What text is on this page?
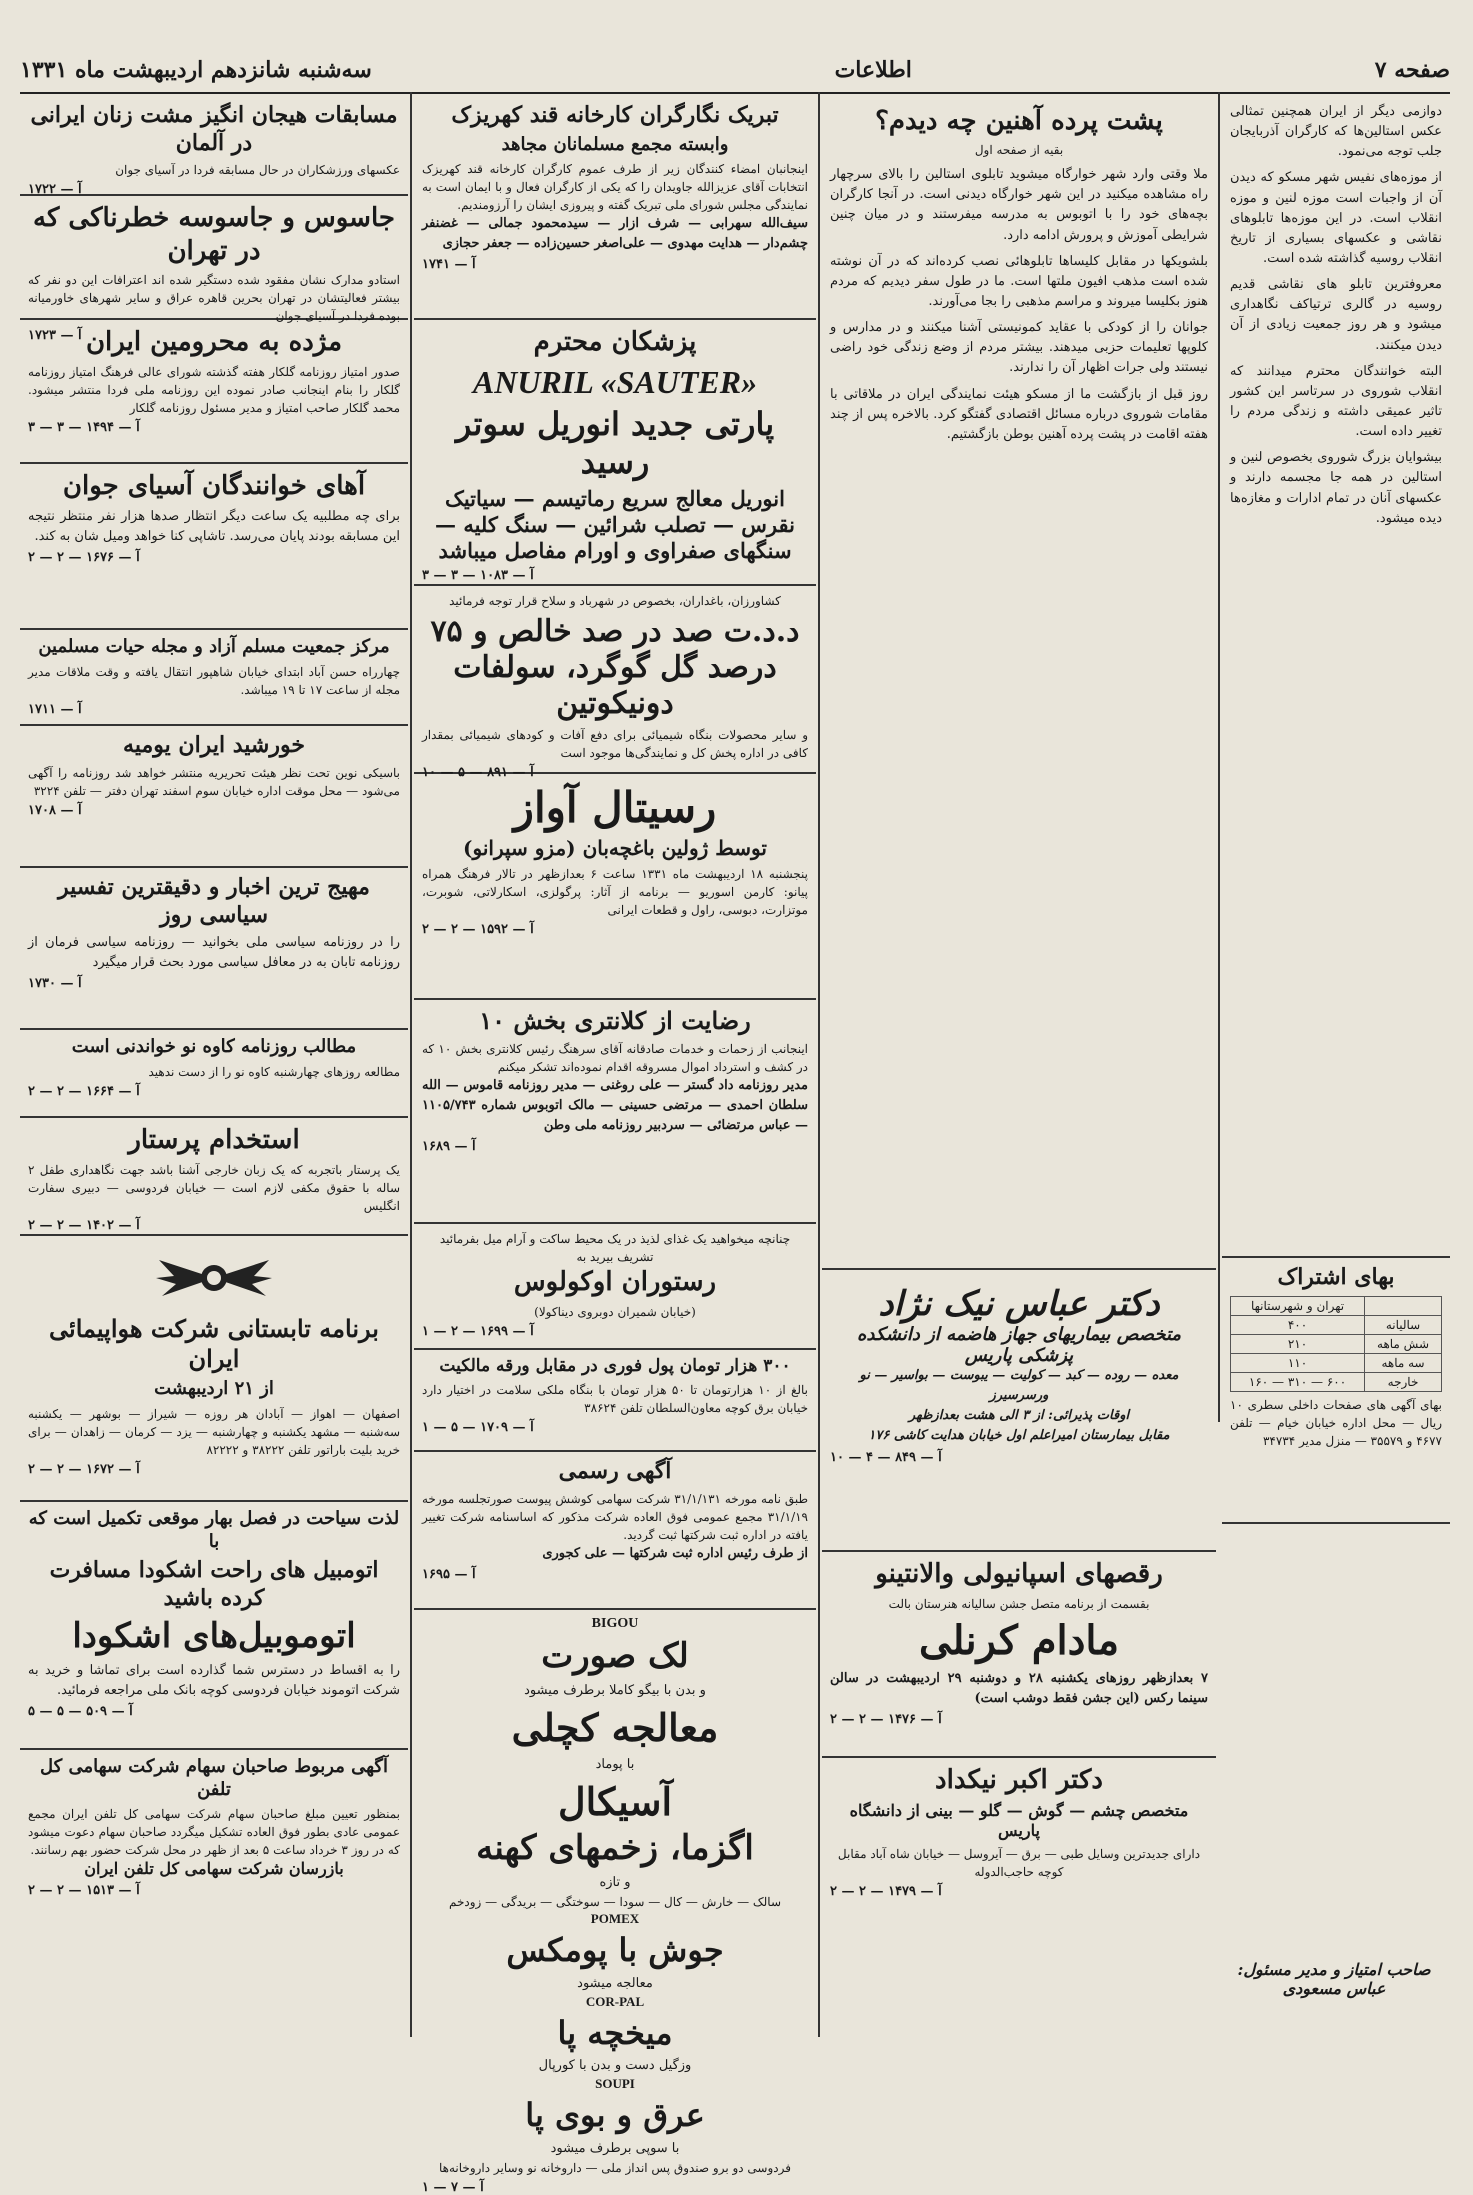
صفحه ۷
اطلاعات
سه‌شنبه شانزدهم اردیبهشت ماه ۱۳۳۱
مسابقات هیجان انگیز مشت زنان ایرانی در آلمان
عکسهای ورزشکاران در حال مسابقه فردا در آسیای جوان
آ — ۱۷۲۲
جاسوس و جاسوسه خطرناکی که در تهران
استادو مدارک نشان مفقود شده دستگیر شده اند اعترافات این دو نفر که بیشتر فعالیتشان در تهران بحرین قاهره عراق و سایر شهرهای خاورمیانه بوده فردا در آسیای جوان
آ — ۱۷۲۳ مژده به محرومین ایران
صدور امتیاز روزنامه گلکار هفته گذشته شورای عالی فرهنگ امتیاز روزنامه گلکار را بنام اینجانب صادر نموده این روزنامه ملی فردا منتشر میشود. محمد گلکار صاحب امتیاز و مدیر مسئول روزنامه گلکار
آ — ۱۴۹۴ — ۳ — ۳
آهای خوانندگان آسیای جوان
برای چه مطلبیه یک ساعت دیگر انتظار صدها هزار نفر منتظر نتیجه این مسابقه بودند پایان می‌رسد. تاشاپی کنا خواهد ومیل شان به کند.
آ — ۱۶۷۶ — ۲ — ۲
مرکز جمعیت مسلم آزاد و مجله حیات مسلمین
چهارراه حسن آباد ابتدای خیابان شاهپور انتقال یافته و وقت ملاقات مدیر مجله از ساعت ۱۷ تا ۱۹ میباشد.
آ — ۱۷۱۱
خورشید ایران یومیه
باسیکی نوین تحت نظر هیئت تحریریه منتشر خواهد شد روزنامه را آگهی می‌شود — محل موقت اداره خیابان سوم اسفند تهران دفتر — تلفن ۳۲۲۴
آ — ۱۷۰۸
مهیج ترین اخبار و دقیقترین تفسیر سیاسی روز
را در روزنامه سیاسی ملی بخوانید — روزنامه سیاسی فرمان از روزنامه تابان به در معافل سیاسی مورد بحث قرار میگیرد
آ — ۱۷۳۰
مطالب روزنامه کاوه نو خواندنی است
مطالعه روزهای چهارشنبه کاوه نو را از دست ندهید
آ — ۱۶۶۴ — ۲ — ۲
استخدام پرستار
یک پرستار باتجربه که یک زبان خارجی آشنا باشد جهت نگاهداری طفل ۲ ساله با حقوق مکفی لازم است — خیابان فردوسی — دبیری سفارت انگلیس
آ — ۱۴۰۲ — ۲ — ۲
برنامه تابستانی شرکت هواپیمائی ایران
از ۲۱ اردیبهشت
اصفهان — اهواز — آبادان هر روزه — شیراز — بوشهر — یکشنبه سه‌شنبه — مشهد یکشنبه و چهارشنبه — یزد — کرمان — زاهدان — برای خرید بلیت باراتور تلفن ۳۸۲۲۲ و ۸۲۲۲۲
آ — ۱۶۷۲ — ۲ — ۲
لذت سیاحت در فصل بهار موقعی تکمیل است که با
اتومبیل های راحت اشکودا مسافرت کرده باشید
اتوموبیل‌های اشکودا
را به اقساط در دسترس شما گذارده است برای تماشا و خرید به شرکت اتوموند خیابان فردوسی کوچه بانک ملی مراجعه فرمائید.
آ — ۵۰۹ — ۵ — ۵
آگهی مربوط صاحبان سهام شرکت سهامی کل تلفن
بمنظور تعیین مبلغ صاحبان سهام شرکت سهامی کل تلفن ایران مجمع عمومی عادی بطور فوق العاده تشکیل میگردد صاحبان سهام دعوت میشود که در روز ۳ خرداد ساعت ۵ بعد از ظهر در محل شرکت حضور بهم رسانند.
بازرسان شرکت سهامی کل تلفن ایران
آ — ۱۵۱۳ — ۲ — ۲
تبریک نگارگران کارخانه قند کهریزک
وابسته مجمع مسلمانان مجاهد
اینجانبان امضاء کنندگان زیر از طرف عموم کارگران کارخانه قند کهریزک انتخابات آقای عزیزالله جاویدان را که یکی از کارگران فعال و با ایمان است به نمایندگی مجلس شورای ملی تبریک گفته و پیروزی ایشان را آرزومندیم.
سیف‌الله سهرابی — شرف ازار — سیدمحمود جمالی — غضنفر چشم‌دار — هدایت مهدوی — علی‌اصغر حسین‌زاده — جعفر حجازی
آ — ۱۷۴۱
پزشکان محترم
ANURIL «SAUTER»
پارتی جدید انوریل سوتر رسید
انوریل معالج سریع رماتیسم — سیاتیک نقرس — تصلب شرائین — سنگ کلیه — سنگهای صفراوی و اورام مفاصل میباشد
آ — ۱۰۸۳ — ۳ — ۳
کشاورزان، باغداران، بخصوص در شهرباد و سلاح قرار توجه فرمائید
د.د.ت صد در صد خالص و ۷۵ درصد گل گوگرد، سولفات دونیکوتین
و سایر محصولات بنگاه شیمیائی برای دفع آفات و کودهای شیمیائی بمقدار کافی در اداره پخش کل و نمایندگی‌ها موجود است
آ — ۸۹۱ — ۵ — ۱۰
رسیتال آواز
توسط ژولین باغچه‌بان (مزو سپرانو)
پنجشنبه ۱۸ اردیبهشت ماه ۱۳۳۱ ساعت ۶ بعدازظهر در تالار فرهنگ همراه پیانو: کارمن اسوریو — برنامه از آثار: پرگولزی، اسکارلاتی، شوبرت، موتزارت، دبوسی، راول و قطعات ایرانی
آ — ۱۵۹۲ — ۲ — ۲
رضایت از کلانتری بخش ۱۰
اینجانب از زحمات و خدمات صادقانه آقای سرهنگ رئیس کلانتری بخش ۱۰ که در کشف و استرداد اموال مسروقه اقدام نموده‌اند تشکر میکنم
مدیر روزنامه داد گستر — علی روغنی — مدیر روزنامه قاموس — الله‌ سلطان احمدی — مرتضی حسینی — مالک اتوبوس شماره ۱۱۰۵/۷۴۳ — عباس مرتضائی — سردبیر روزنامه ملی وطن
آ — ۱۶۸۹
چنانچه میخواهید یک غذای لذیذ در یک محیط ساکت و آرام میل بفرمائید تشریف بیرید به
رستوران اوکولوس
(خیابان شمیران دوبروی دیناکولا)
آ — ۱۶۹۹ — ۲ — ۱
۳۰۰ هزار تومان پول فوری در مقابل ورقه مالکیت
بالغ از ۱۰ هزارتومان تا ۵۰ هزار تومان با بنگاه ملکی سلامت در اختیار دارد خیابان برق کوچه معاون‌السلطان تلفن ۳۸۶۲۴
آ — ۱۷۰۹ — ۵ — ۱
آگهی رسمی
طبق نامه مورخه ۳۱/۱/۱۳۱ شرکت سهامی کوشش پیوست صورتجلسه مورخه ۳۱/۱/۱۹ مجمع عمومی فوق العاده شرکت مذکور که اساسنامه شرکت تغییر یافته در اداره ثبت شرکتها ثبت گردید.
از طرف رئیس اداره ثبت شرکتها — علی کجوری
آ — ۱۶۹۵
BIGOU
لک صورت
و بدن با بیگو کاملا برطرف میشود
معالجه کچلی
با پوماد
آسیکال
اگزما، زخمهای کهنه
و تازه
سالک — خارش — کال — سودا — سوختگی — بریدگی — زودخم
POMEX
جوش با پومکس
معالجه میشود
COR-PAL
میخچه پا
وزگیل دست و بدن با کورپال
SOUPI
عرق و بوی پا
با سوپی برطرف میشود
فردوسی دو برو صندوق پس انداز ملی — داروخانه نو وسایر داروخانه‌ها
آ — ۷ — ۱
پشت پرده آهنین چه دیدم؟
بقیه از صفحه اول
ملا وقتی وارد شهر خوارگاه میشوید تابلوی استالین را بالای سرچهار راه مشاهده میکنید در این شهر خوارگاه دیدنی است. در آنجا کارگران بچه‌های خود را با اتوبوس به مدرسه میفرستند و در میان چنین شرایطی آموزش و پرورش ادامه دارد.
بلشویکها در مقابل کلیساها تابلوهائی نصب کرده‌اند که در آن نوشته شده است مذهب افیون ملتها است. ما در طول سفر دیدیم که مردم هنوز بکلیسا میروند و مراسم مذهبی را بجا می‌آورند.
جوانان را از کودکی با عقاید کمونیستی آشنا میکنند و در مدارس و کلوپها تعلیمات حزبی میدهند. بیشتر مردم از وضع زندگی خود راضی نیستند ولی جرات اظهار آن را ندارند.
روز قبل از بازگشت ما از مسکو هیئت نمایندگی ایران در ملاقاتی با مقامات شوروی درباره مسائل اقتصادی گفتگو کرد. بالاخره پس از چند هفته اقامت در پشت پرده آهنین بوطن بازگشتیم.
دوازمی دیگر از ایران همچنین تمثالی عکس استالین‌ها که کارگران آذربایجان جلب توجه می‌نمود.
از موزه‌های نفیس شهر مسکو که دیدن آن از واجبات است موزه لنین و موزه انقلاب است. در این موزه‌ها تابلوهای نقاشی و عکسهای بسیاری از تاریخ انقلاب روسیه گذاشته شده است.
معروفترین تابلو های نقاشی قدیم روسیه در گالری ترتیاکف نگاهداری میشود و هر روز جمعیت زیادی از آن دیدن میکنند.
البته خوانندگان محترم میدانند که انقلاب شوروی در سرتاسر این کشور تاثیر عمیقی داشته و زندگی مردم را تغییر داده است.
بیشوایان بزرگ شوروی بخصوص لنین و استالین در همه جا مجسمه دارند و عکسهای آنان در تمام ادارات و مغازه‌ها دیده میشود.
بهای اشتراک
	تهران و شهرستانها
سالیانه	۴۰۰
شش ماهه	۲۱۰
سه ماهه	۱۱۰
خارجه	۶۰۰ — ۳۱۰ — ۱۶۰
بهای آگهی های صفحات داخلی سطری ۱۰ ریال — محل اداره خیابان خیام — تلفن ۴۶۷۷ و ۳۵۵۷۹ — منزل مدیر ۳۴۷۳۴
صاحب امتیاز و مدیر مسئول: عباس مسعودی
دکتر عباس نیک نژاد
متخصص بیماریهای جهاز هاضمه از دانشکده پزشکی پاریس
معده — روده — کبد — کولیت — یبوست — بواسیر — نو ورسرسیرز
اوقات پذیرائی: از ۳ الی هشت بعدازظهر
مقابل بیمارستان امیراعلم اول خیابان هدایت کاشی ۱۷۶
آ — ۸۴۹ — ۴ — ۱۰
رقصهای اسپانیولی والانتینو
بقسمت از برنامه متصل جشن سالیانه هنرستان بالت
مادام کرنلی
۷ بعدازظهر روزهای یکشنبه ۲۸ و دوشنبه ۲۹ اردیبهشت در سالن سینما رکس (این جشن فقط دوشب است)
آ — ۱۴۷۶ — ۲ — ۲
دکتر اکبر نیکداد
متخصص چشم — گوش — گلو — بینی از دانشگاه پاریس
دارای جدیدترین وسایل طبی — برق — آیروسل — خیابان شاه آباد مقابل کوچه حاجب‌الدوله
آ — ۱۴۷۹ — ۲ — ۲
